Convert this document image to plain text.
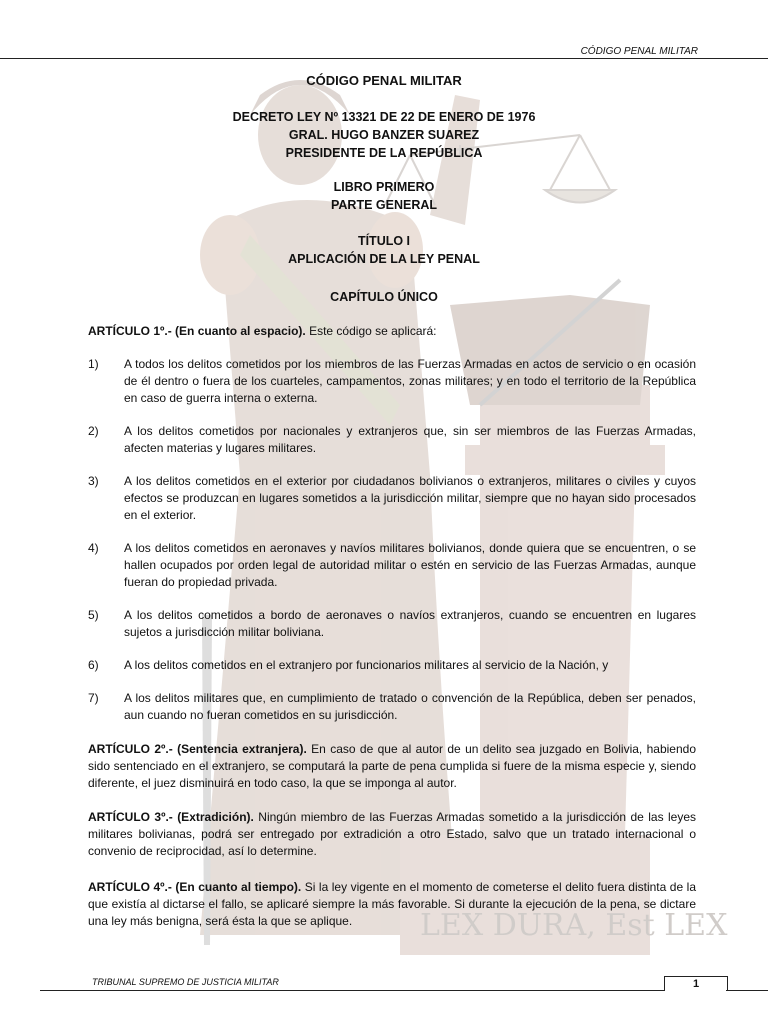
LEX DURA, Est LEX
CÓDIGO PENAL MILITAR
CÓDIGO PENAL MILITAR
DECRETO LEY Nº 13321 DE 22 DE ENERO DE 1976
GRAL. HUGO BANZER SUAREZ
PRESIDENTE DE LA REPÚBLICA
LIBRO PRIMERO
PARTE GENERAL
TÍTULO I
APLICACIÓN DE LA LEY PENAL
CAPÍTULO ÚNICO
ARTÍCULO 1º.- (En cuanto al espacio). Este código se aplicará:
1)	A todos los delitos cometidos por los miembros de las Fuerzas Armadas en actos de servicio o en ocasión de él dentro o fuera de los cuarteles, campamentos, zonas militares; y en todo el territorio de la República en caso de guerra interna o externa.
2)	A los delitos cometidos por nacionales y extranjeros que, sin ser miembros de las Fuerzas Armadas, afecten materias y lugares militares.
3)	A los delitos cometidos en el exterior por ciudadanos bolivianos o extranjeros, militares o civiles y cuyos efectos se produzcan en lugares sometidos a la jurisdicción militar, siempre que no hayan sido procesados en el exterior.
4)	A los delitos cometidos en aeronaves y navíos militares bolivianos, donde quiera que se encuentren, o se hallen ocupados por orden legal de autoridad militar o estén en servicio de las Fuerzas Armadas, aunque fueran do propiedad privada.
5)	A los delitos cometidos a bordo de aeronaves o navíos extranjeros, cuando se encuentren en lugares sujetos a jurisdicción militar boliviana.
6)	A los delitos cometidos en el extranjero por funcionarios militares al servicio de la Nación, y
7)	A los delitos militares que, en cumplimiento de tratado o convención de la República, deben ser penados, aun cuando no fueran cometidos en su jurisdicción.
ARTÍCULO 2º.- (Sentencia extranjera). En caso de que al autor de un delito sea juzgado en Bolivia, habiendo sido sentenciado en el extranjero, se computará la parte de pena cumplida si fuere de la misma especie y, siendo diferente, el juez disminuirá en todo caso, la que se imponga al autor.
ARTÍCULO 3º.- (Extradición). Ningún miembro de las Fuerzas Armadas sometido a la jurisdicción de las leyes militares bolivianas, podrá ser entregado por extradición a otro Estado, salvo que un tratado internacional o convenio de reciprocidad, así lo determine.
ARTÍCULO 4º.- (En cuanto al tiempo). Si la ley vigente en el momento de cometerse el delito fuera distinta de la que existía al dictarse el fallo, se aplicaré siempre la más favorable. Si durante la ejecución de la pena, se dictare una ley más benigna, será ésta la que se aplique.
TRIBUNAL SUPREMO DE JUSTICIA MILITAR	1
